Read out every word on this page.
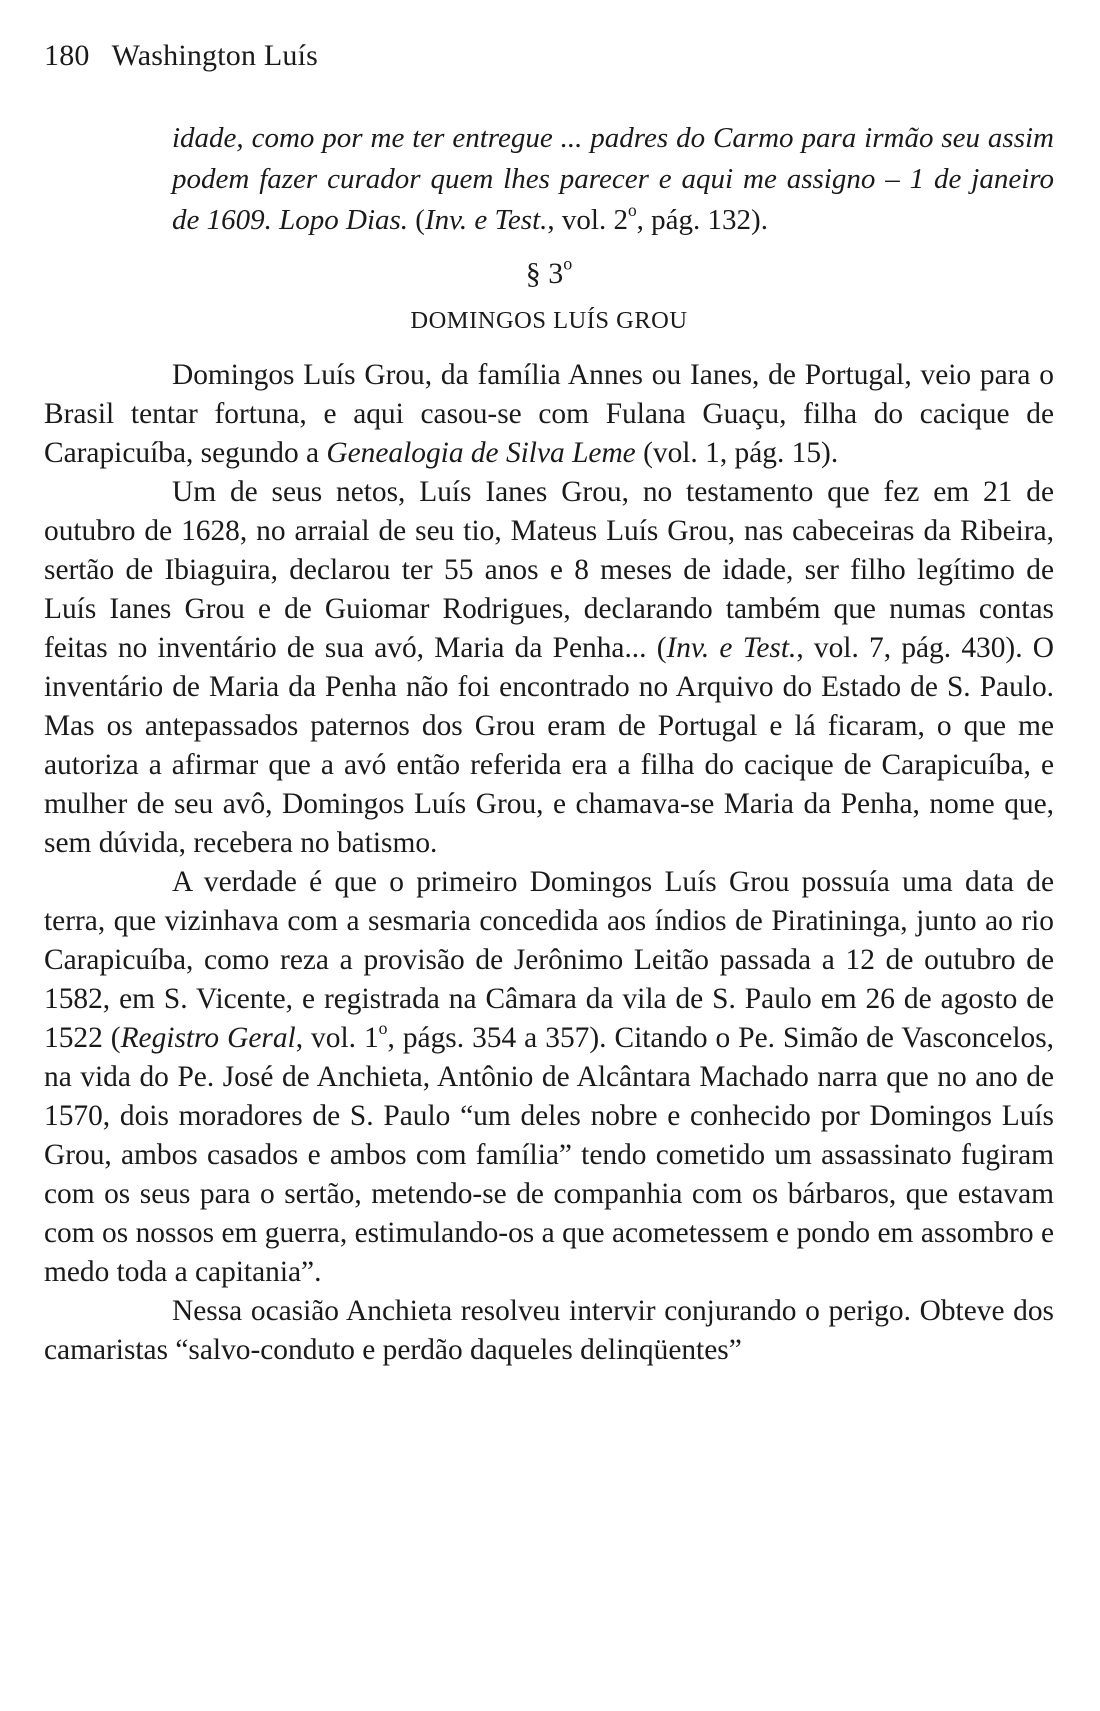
180 Washington Luís
idade, como por me ter entregue ... padres do Carmo para irmão seu assim podem fazer curador quem lhes parecer e aqui me assigno – 1 de janeiro de 1609. Lopo Dias. (Inv. e Test., vol. 2$^o$, pág. 132).
§ 3$^o$
DOMINGOS LUÍS GROU

Domingos Luís Grou, da família Annes ou Ianes, de Portugal, veio para o Brasil tentar fortuna, e aqui casou-se com Fulana Guaçu, filha do cacique de Carapicuíba, segundo a Genealogia de Silva Leme (vol. 1, pág. 15).

Um de seus netos, Luís Ianes Grou, no testamento que fez em 21 de outubro de 1628, no arraial de seu tio, Mateus Luís Grou, nas cabeceiras da Ribeira, sertão de Ibiaguira, declarou ter 55 anos e 8 meses de idade, ser filho legítimo de Luís Ianes Grou e de Guiomar Rodrigues, declarando também que numas contas feitas no inventário de sua avó, Maria da Penha... (Inv. e Test., vol. 7, pág. 430). O inventário de Maria da Penha não foi encontrado no Arquivo do Estado de S. Paulo. Mas os antepassados paternos dos Grou eram de Portugal e lá ficaram, o que me autoriza a afirmar que a avó então referida era a filha do cacique de Carapicuíba, e mulher de seu avô, Domingos Luís Grou, e chamava-se Maria da Penha, nome que, sem dúvida, recebera no batismo.

A verdade é que o primeiro Domingos Luís Grou possuía uma data de terra, que vizinhava com a sesmaria concedida aos índios de Piratininga, junto ao rio Carapicuíba, como reza a provisão de Jerônimo Leitão passada a 12 de outubro de 1582, em S. Vicente, e registrada na Câmara da vila de S. Paulo em 26 de agosto de 1522 (Registro Geral, vol. 1$^o$, págs. 354 a 357). Citando o Pe. Simão de Vasconcelos, na vida do Pe. José de Anchieta, Antônio de Alcântara Machado narra que no ano de 1570, dois moradores de S. Paulo “um deles nobre e conhecido por Domingos Luís Grou, ambos casados e ambos com família” tendo cometido um assassinato fugiram com os seus para o sertão, metendo-se de companhia com os bárbaros, que estavam com os nossos em guerra, estimulando-os a que acometessem e pondo em assombro e medo toda a capitania”.

Nessa ocasião Anchieta resolveu intervir conjurando o perigo. Obteve dos camaristas “salvo-conduto e perdão daqueles delinqüentes”
